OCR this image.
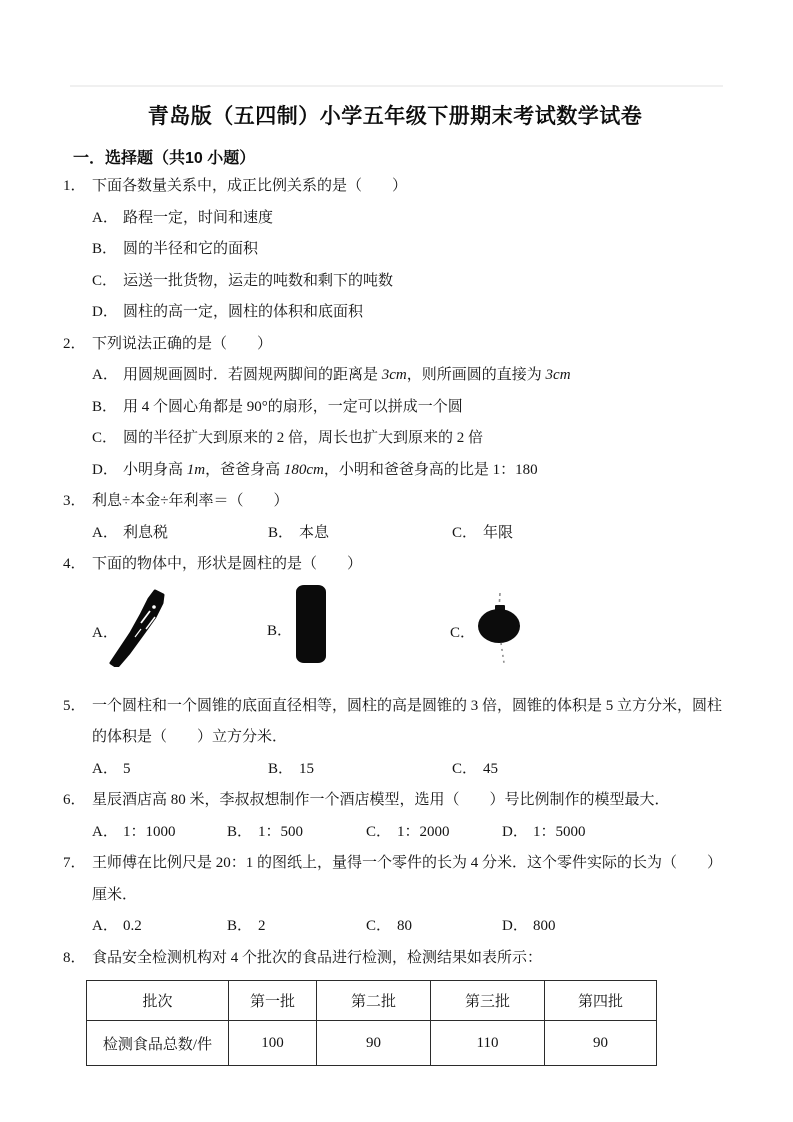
青岛版（五四制）小学五年级下册期末考试数学试卷
一．选择题（共10 小题）

1． 下面各数量关系中，成正比例关系的是（　　）

A． 路程一定，时间和速度
B． 圆的半径和它的面积
C． 运送一批货物，运走的吨数和剩下的吨数
D． 圆柱的高一定，圆柱的体积和底面积

2． 下列说法正确的是（　　）

A． 用圆规画圆时．若圆规两脚间的距离是 3cm，则所画圆的直接为 3cm
B． 用 4 个圆心角都是 90°的扇形，一定可以拼成一个圆
C． 圆的半径扩大到原来的 2 倍，周长也扩大到原来的 2 倍
D． 小明身高 1m，爸爸身高 180cm，小明和爸爸身高的比是 1：180

3． 利息÷本金÷年利率＝（　　）

A． 利息税	B． 本息	C． 年限

4． 下面的物体中，形状是圆柱的是（　　）

A．	B．	C．

5． 一个圆柱和一个圆锥的底面直径相等，圆柱的高是圆锥的 3 倍，圆锥的体积是 5 立方分米，圆柱的体积是（　　）立方分米．

A． 5	B． 15	C． 45

6． 星辰酒店高 80 米，李叔叔想制作一个酒店模型，选用（　　）号比例制作的模型最大．

A． 1：1000	B． 1：500	C． 1：2000	D． 1：5000

7． 王师傅在比例尺是 20：1 的图纸上，量得一个零件的长为 4 分米．这个零件实际的长为（　　）厘米．

A． 0.2	B． 2	C． 80	D． 800

8． 食品安全检测机构对 4 个批次的食品进行检测，检测结果如表所示：

批次	第一批	第二批	第三批	第四批
检测食品总数/件	100	90	110	90
